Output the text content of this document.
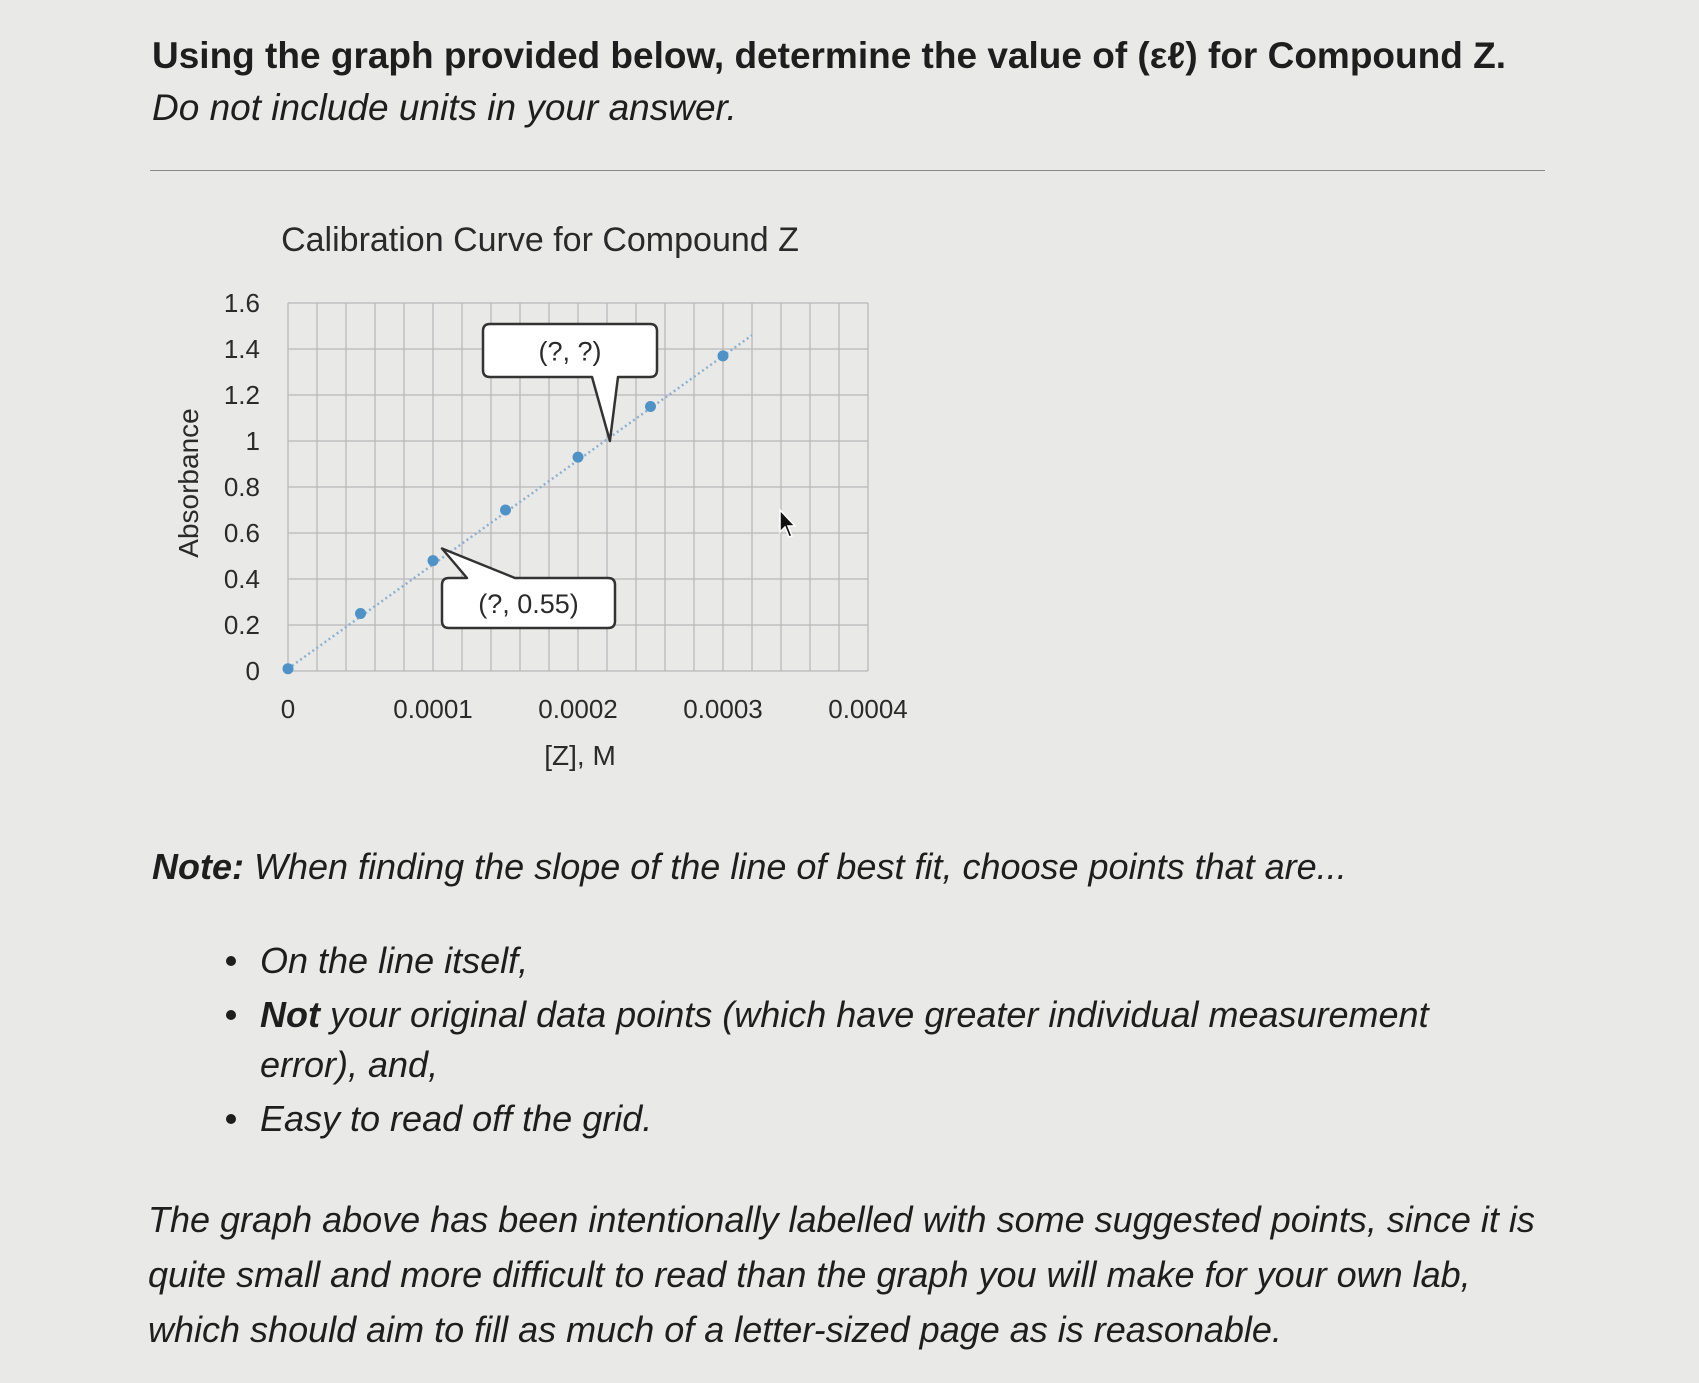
Using the graph provided below, determine the value of (εℓ) for Compound Z. Do not include units in your answer.
(?, ?)
(?, 0.55)
0	0.0001	0.0002	0.0003	0.0004
0
0.2
0.4
0.6
0.8
1
1.2
1.4
1.6
Calibration Curve for Compound Z
[Z], M
Absorbance
Note: When finding the slope of the line of best fit, choose points that are...
On the line itself,
Not your original data points (which have greater individual measurement error), and,
Easy to read off the grid.
The graph above has been intentionally labelled with some suggested points, since it is quite small and more difficult to read than the graph you will make for your own lab, which should aim to fill as much of a letter-sized page as is reasonable.
